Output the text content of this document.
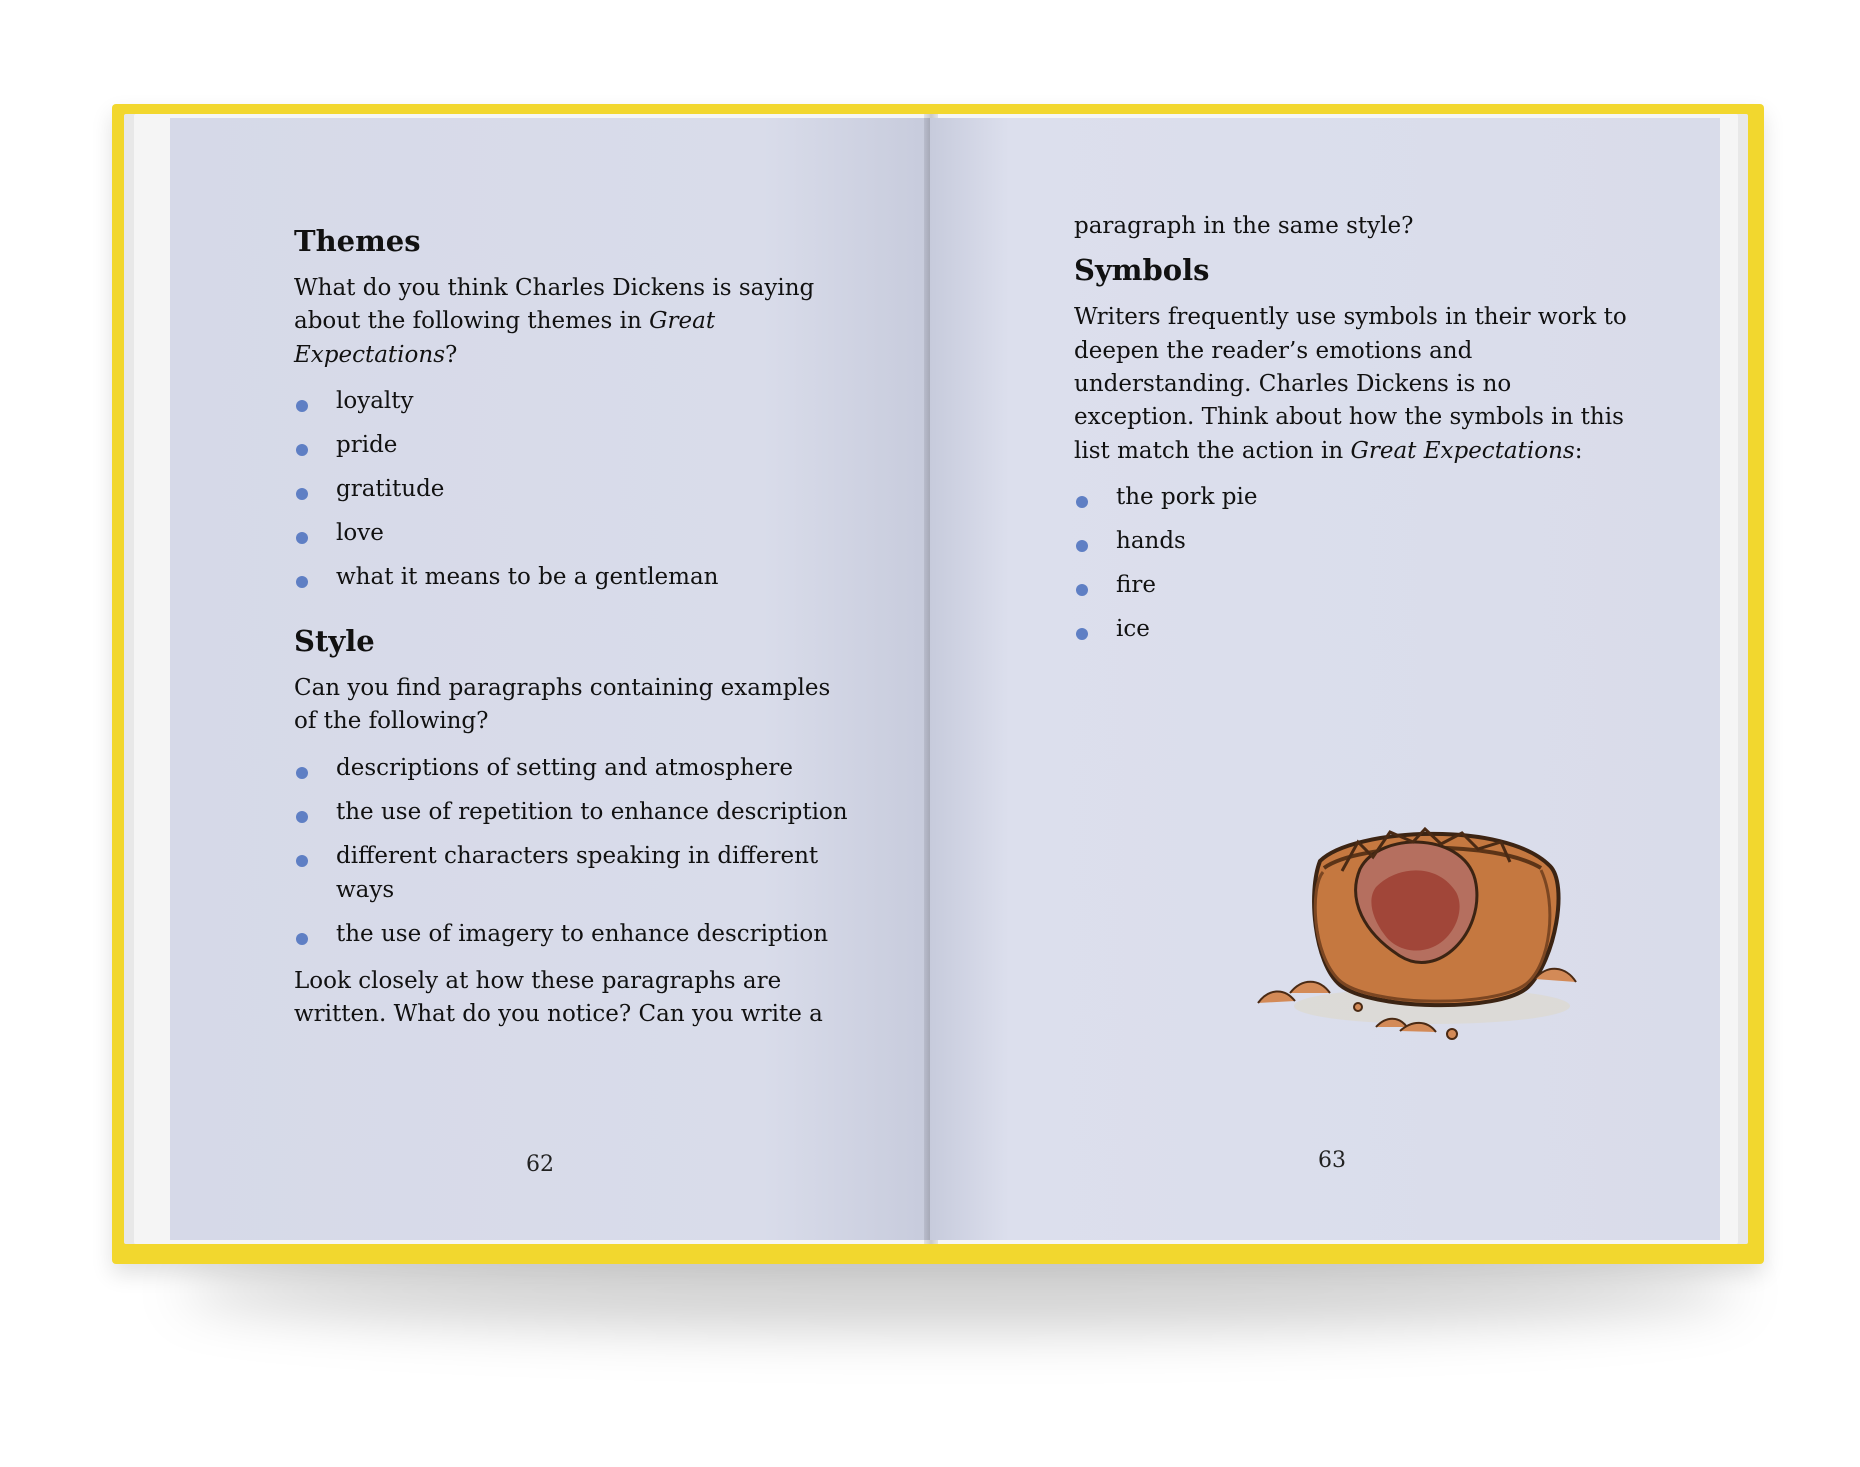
Themes

What do you think Charles Dickens is saying about the following themes in Great Expectations?

loyalty
pride
gratitude
love
what it means to be a gentleman
Style

Can you find paragraphs containing examples of the following?

descriptions of setting and atmosphere
the use of repetition to enhance description
different characters speaking in different ways
the use of imagery to enhance description

Look closely at how these paragraphs are written. What do you notice? Can you write a

62

paragraph in the same style?

Symbols

Writers frequently use symbols in their work to deepen the reader’s emotions and understanding. Charles Dickens is no exception. Think about how the symbols in this list match the action in Great Expectations:

the pork pie
hands
fire
ice
63
